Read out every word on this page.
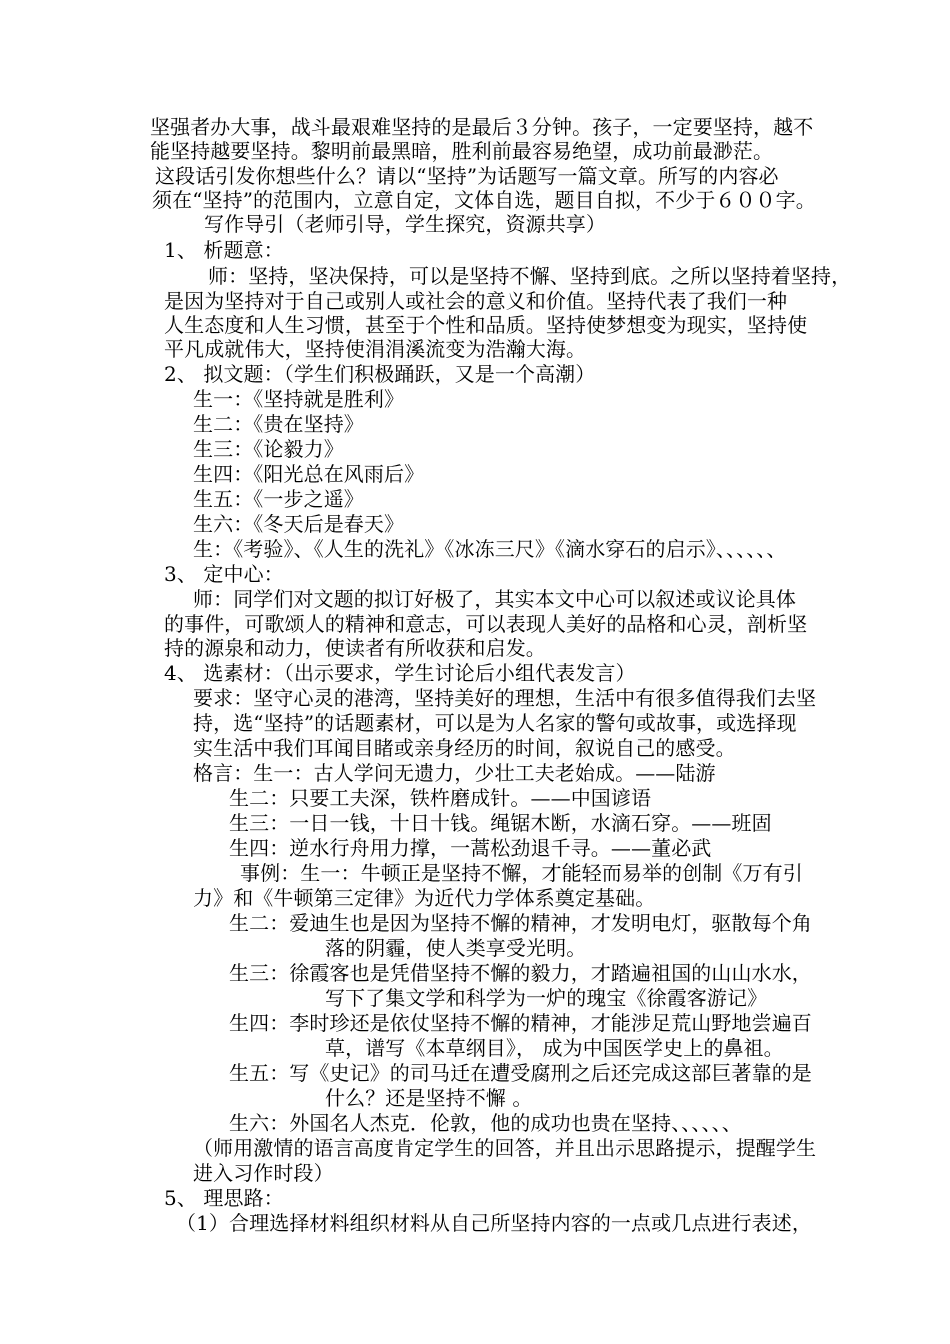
坚强者办大事，战斗最艰难坚持的是最后３分钟。孩子，一定要坚持，越不
能坚持越要坚持。黎明前最黑暗，胜利前最容易绝望，成功前最渺茫。
这段话引发你想些什么？请以“坚持”为话题写一篇文章。所写的内容必
须在“坚持”的范围内，立意自定，文体自选，题目自拟，不少于６００字。
写作导引（老师引导，学生探究，资源共享）
1、 析题意：
师：坚持，坚决保持，可以是坚持不懈、坚持到底。之所以坚持着坚持，
是因为坚持对于自己或别人或社会的意义和价值。坚持代表了我们一种
人生态度和人生习惯，甚至于个性和品质。坚持使梦想变为现实，坚持使
平凡成就伟大，坚持使涓涓溪流变为浩瀚大海。
2、 拟文题：（学生们积极踊跃，又是一个高潮）
生一：《坚持就是胜利》
生二：《贵在坚持》
生三：《论毅力》
生四：《阳光总在风雨后》
生五：《一步之遥》
生六：《冬天后是春天》
生：《考验》、《人生的洗礼》《冰冻三尺》《滴水穿石的启示》、、、、、、
3、 定中心：
师：同学们对文题的拟订好极了，其实本文中心可以叙述或议论具体
的事件，可歌颂人的精神和意志，可以表现人美好的品格和心灵，剖析坚
持的源泉和动力，使读者有所收获和启发。
4、 选素材：（出示要求，学生讨论后小组代表发言）
要求：坚守心灵的港湾，坚持美好的理想，生活中有很多值得我们去坚
持，选“坚持”的话题素材，可以是为人名家的警句或故事，或选择现
实生活中我们耳闻目睹或亲身经历的时间，叙说自己的感受。
格言：生一：古人学问无遗力，少壮工夫老始成。——陆游
生二：只要工夫深，铁杵磨成针。——中国谚语
生三：一日一钱，十日十钱。绳锯木断，水滴石穿。——班固
生四：逆水行舟用力撑，一蒿松劲退千寻。——董必武
事例：生一：牛顿正是坚持不懈，才能轻而易举的创制《万有引
力》和《牛顿第三定律》为近代力学体系奠定基础。
生二：爱迪生也是因为坚持不懈的精神，才发明电灯，驱散每个角
落的阴霾，使人类享受光明。
生三：徐霞客也是凭借坚持不懈的毅力，才踏遍祖国的山山水水，
写下了集文学和科学为一炉的瑰宝《徐霞客游记》
生四：李时珍还是依仗坚持不懈的精神，才能涉足荒山野地尝遍百
草，谱写《本草纲目》， 成为中国医学史上的鼻祖。
生五：写《史记》的司马迁在遭受腐刑之后还完成这部巨著靠的是
什么？还是坚持不懈 。
生六：外国名人杰克．伦敦，他的成功也贵在坚持、、、、、、
（师用激情的语言高度肯定学生的回答，并且出示思路提示，提醒学生
进入习作时段）
5、 理思路：
（1）合理选择材料组织材料从自己所坚持内容的一点或几点进行表述，
